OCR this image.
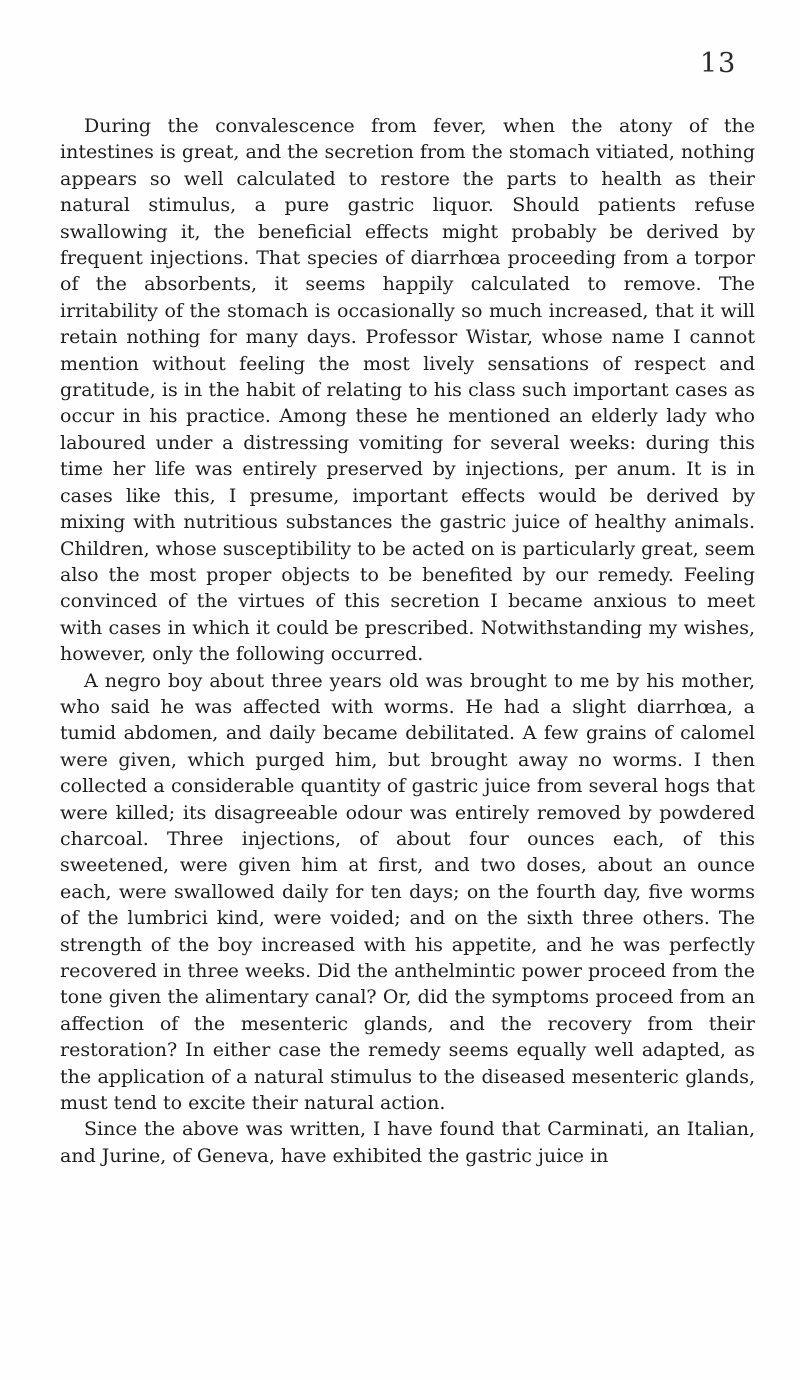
13

During the convalescence from fever, when the atony of the intestines is great, and the secretion from the stomach vitiated, nothing appears so well calculated to restore the parts to health as their natural stimulus, a pure gastric liquor. Should patients refuse swallowing it, the beneficial effects might probably be derived by frequent injections. That species of diarrhœa proceeding from a torpor of the absorbents, it seems happily calculated to remove. The irritability of the stomach is occasionally so much increased, that it will retain nothing for many days. Professor Wistar, whose name I cannot mention without feeling the most lively sensations of respect and gratitude, is in the habit of relating to his class such important cases as occur in his practice. Among these he mentioned an elderly lady who laboured under a distressing vomiting for several weeks: during this time her life was entirely preserved by injections, per anum. It is in cases like this, I presume, important effects would be derived by mixing with nutritious substances the gastric juice of healthy animals. Children, whose susceptibility to be acted on is particularly great, seem also the most proper objects to be benefited by our remedy. Feeling convinced of the virtues of this secretion I became anxious to meet with cases in which it could be prescribed. Notwithstanding my wishes, however, only the following occurred.

A negro boy about three years old was brought to me by his mother, who said he was affected with worms. He had a slight diarrhœa, a tumid abdomen, and daily became debilitated. A few grains of calomel were given, which purged him, but brought away no worms. I then collected a considerable quantity of gastric juice from several hogs that were killed; its disagreeable odour was entirely removed by powdered charcoal. Three injections, of about four ounces each, of this sweetened, were given him at first, and two doses, about an ounce each, were swallowed daily for ten days; on the fourth day, five worms of the lumbrici kind, were voided; and on the sixth three others. The strength of the boy increased with his appetite, and he was perfectly recovered in three weeks. Did the anthelmintic power proceed from the tone given the alimentary canal? Or, did the symptoms proceed from an affection of the mesenteric glands, and the recovery from their restoration? In either case the remedy seems equally well adapted, as the application of a natural stimulus to the diseased mesenteric glands, must tend to excite their natural action.

Since the above was written, I have found that Carminati, an Italian, and Jurine, of Geneva, have exhibited the gastric juice in
